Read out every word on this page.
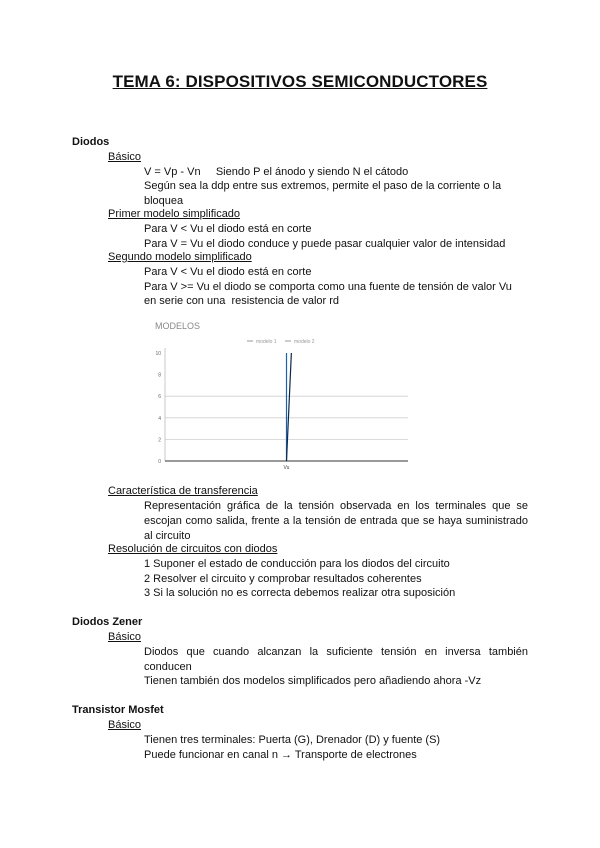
TEMA 6: DISPOSITIVOS SEMICONDUCTORES
Diodos
Básico
V = Vp - Vn     Siendo P el ánodo y siendo N el cátodo
Según sea la ddp entre sus extremos, permite el paso de la corriente o la
bloquea
Primer modelo simplificado
Para V < Vu el diodo está en corte
Para V = Vu el diodo conduce y puede pasar cualquier valor de intensidad
Segundo modelo simplificado
Para V < Vu el diodo está en corte
Para V >= Vu el diodo se comporta como una fuente de tensión de valor Vu
en serie con una  resistencia de valor rd
MODELOS
0
2
4
6
8
10
Vu
modelo 1	modelo 2
Característica de transferencia
Representación gráfica de la tensión observada en los terminales que se escojan como salida, frente a la tensión de entrada que se haya suministrado al circuito
Resolución de circuitos con diodos
1 Suponer el estado de conducción para los diodos del circuito
2 Resolver el circuito y comprobar resultados coherentes
3 Si la solución no es correcta debemos realizar otra suposición
Diodos Zener
Básico
Diodos que cuando alcanzan la suficiente tensión en inversa también conducen
Tienen también dos modelos simplificados pero añadiendo ahora -Vz
Transistor Mosfet
Básico
Tienen tres terminales: Puerta (G), Drenador (D) y fuente (S)
Puede funcionar en canal n → Transporte de electrones
